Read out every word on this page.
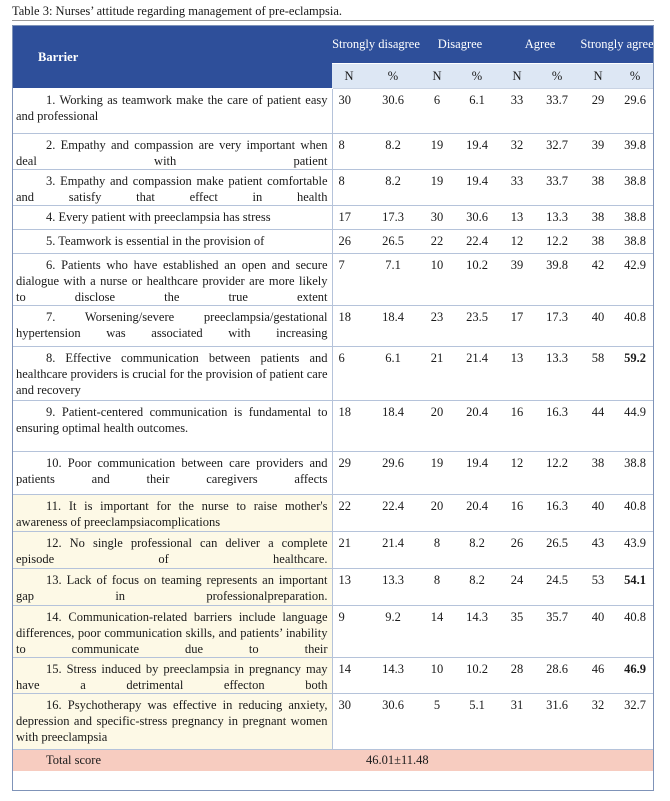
Table 3: Nurses’ attitude regarding management of pre-eclampsia.
Barrier	Strongly disagree		Disagree		Agree		Strongly agree	
	N	%	N	%	N	%	N	%
1. Working as teamwork make the care of patient easy and professional	30	30.6	6	6.1	33	33.7	29	29.6
2. Empathy and compassion are very important when deal with patient	8	8.2	19	19.4	32	32.7	39	39.8
3. Empathy and compassion make patient comfortable and satisfy that effect in health	8	8.2	19	19.4	33	33.7	38	38.8
4. Every patient with preeclampsia has stress	17	17.3	30	30.6	13	13.3	38	38.8
5. Teamwork is essential in the provision of	26	26.5	22	22.4	12	12.2	38	38.8
6. Patients who have established an open and secure dialogue with a nurse or healthcare provider are more likely to disclose the true extent	7	7.1	10	10.2	39	39.8	42	42.9
7. Worsening/severe preeclampsia/gestational hypertension was associated with increasing	18	18.4	23	23.5	17	17.3	40	40.8
8. Effective communication between patients and healthcare providers is crucial for the provision of patient care and recovery	6	6.1	21	21.4	13	13.3	58	59.2
9. Patient-centered communication is fundamental to ensuring optimal health outcomes.	18	18.4	20	20.4	16	16.3	44	44.9
10. Poor communication between care providers and patients and their caregivers affects	29	29.6	19	19.4	12	12.2	38	38.8
11. It is important for the nurse to raise mother's awareness of preeclampsiacomplications	22	22.4	20	20.4	16	16.3	40	40.8
12. No single professional can deliver a complete episode of healthcare.	21	21.4	8	8.2	26	26.5	43	43.9
13. Lack of focus on teaming represents an important gap in professionalpreparation.	13	13.3	8	8.2	24	24.5	53	54.1
14. Communication-related barriers include language differences, poor communication skills, and patients’ inability to communicate due to their	9	9.2	14	14.3	35	35.7	40	40.8
15. Stress induced by preeclampsia in pregnancy may have a detrimental effecton both	14	14.3	10	10.2	28	28.6	46	46.9
16. Psychotherapy was effective in reducing anxiety, depression and specific-stress pregnancy in pregnant women with preeclampsia	30	30.6	5	5.1	31	31.6	32	32.7
Total score	46.01±11.48							
